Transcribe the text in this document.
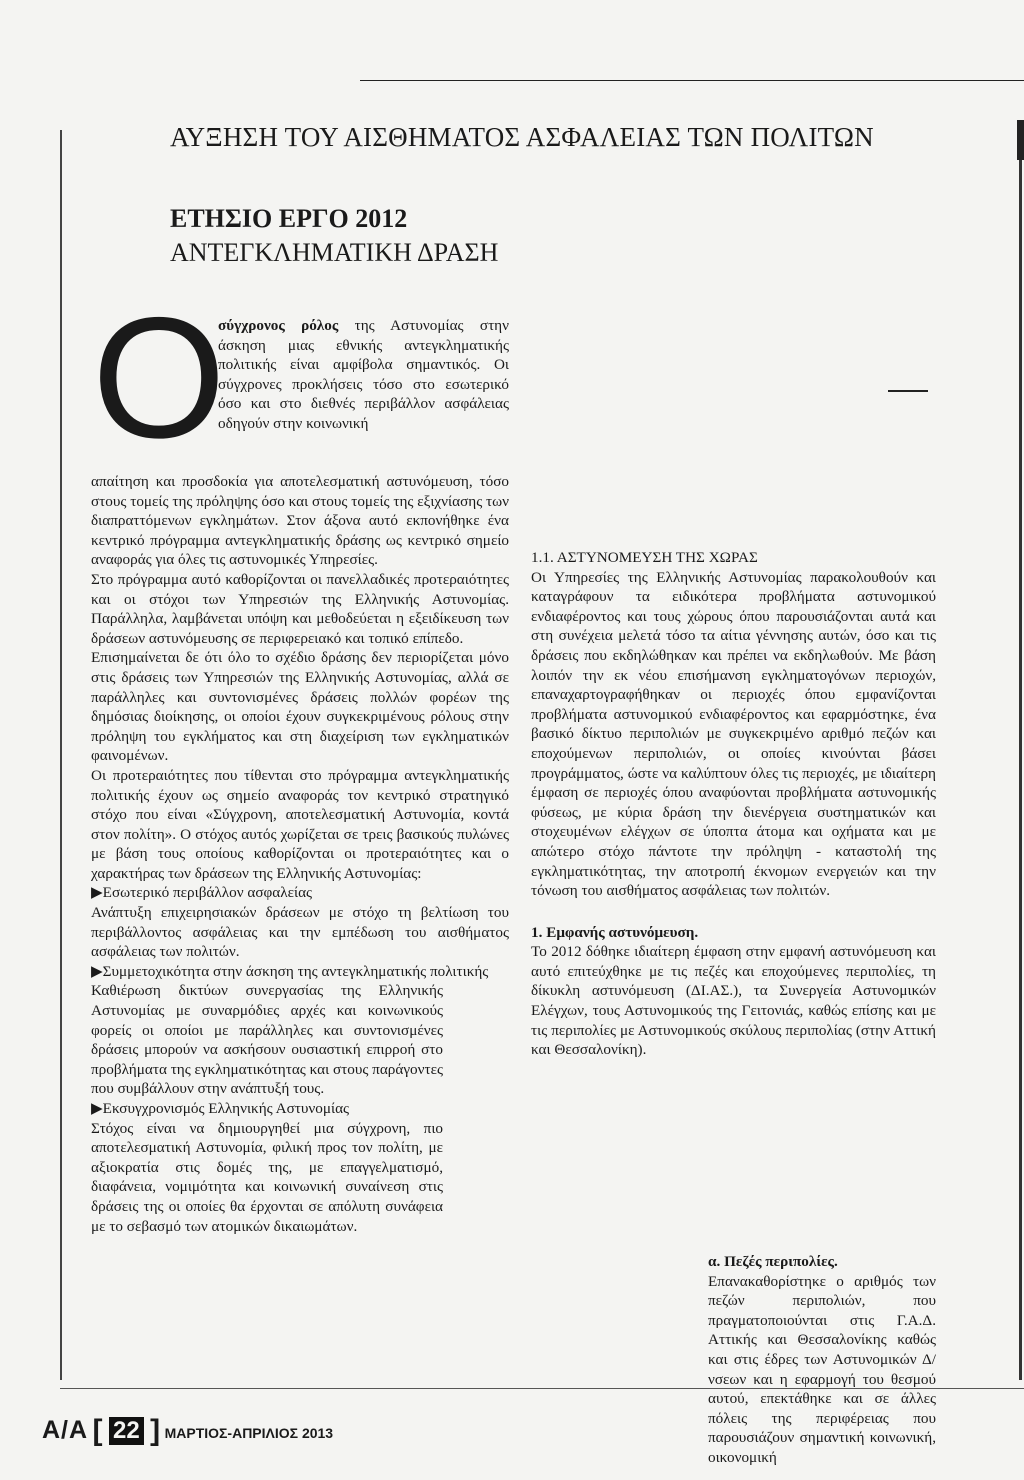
ΑΥΞΗΣΗ ΤΟΥ ΑΙΣΘΗΜΑΤΟΣ ΑΣΦΑΛΕΙΑΣ ΤΩΝ ΠΟΛΙΤΩΝ
ΕΤΗΣΙΟ ΕΡΓΟ 2012
ΑΝΤΕΓΚΛΗΜΑΤΙΚΗ ΔΡΑΣΗ
Ο

σύγχρονος ρόλος της Αστυνομίας στην άσκηση μιας εθνικής αντεγκληματικής πολιτικής είναι αμφίβολα σημαντικός. Οι σύγχρονες προκλήσεις τόσο στο εσωτερικό όσο και στο διεθνές περιβάλλον ασφάλειας οδηγούν στην κοινωνική

απαίτηση και προσδοκία για αποτελεσματική αστυνόμευση, τόσο στους τομείς της πρόληψης όσο και στους τομείς της εξιχνίασης των διαπραττόμενων εγκλημάτων. Στον άξονα αυτό εκπονήθηκε ένα κεντρικό πρόγραμμα αντεγκληματικής δράσης ως κεντρικό σημείο αναφοράς για όλες τις αστυνομικές Υπηρεσίες.

Στο πρόγραμμα αυτό καθορίζονται οι πανελλαδικές προτεραιότητες και οι στόχοι των Υπηρεσιών της Ελληνικής Αστυνομίας. Παράλληλα, λαμβάνεται υπόψη και μεθοδεύεται η εξειδίκευση των δράσεων αστυνόμευσης σε περιφερειακό και τοπικό επίπεδο.

Επισημαίνεται δε ότι όλο το σχέδιο δράσης δεν περιορίζεται μόνο στις δράσεις των Υπηρεσιών της Ελληνικής Αστυνομίας, αλλά σε παράλληλες και συντονισμένες δράσεις πολλών φορέων της δημόσιας διοίκησης, οι οποίοι έχουν συγκεκριμένους ρόλους στην πρόληψη του εγκλήματος και στη διαχείριση των εγκληματικών φαινομένων.

Οι προτεραιότητες που τίθενται στο πρόγραμμα αντεγκληματικής πολιτικής έχουν ως σημείο αναφοράς τον κεντρικό στρατηγικό στόχο που είναι «Σύγχρονη, αποτελεσματική Αστυνομία, κοντά στον πολίτη». Ο στόχος αυτός χωρίζεται σε τρεις βασικούς πυλώνες με βάση τους οποίους καθορίζονται οι προτεραιότητες και ο χαρακτήρας των δράσεων της Ελληνικής Αστυνομίας:

▶Εσωτερικό περιβάλλον ασφαλείας

Ανάπτυξη επιχειρησιακών δράσεων με στόχο τη βελτίωση του περιβάλλοντος ασφάλειας και την εμπέδωση του αισθήματος ασφάλειας των πολιτών.

▶Συμμετοχικότητα στην άσκηση της αντεγκληματικής πολιτικής

Καθιέρωση δικτύων συνεργασίας της Ελληνικής Αστυνομίας με συναρμόδιες αρχές και κοινωνικούς φορείς οι οποίοι με παράλληλες και συντονισμένες δράσεις μπορούν να ασκήσουν ουσιαστική επιρροή στο προβλήματα της εγκληματικότητας και στους παράγοντες που συμβάλλουν στην ανάπτυξή τους.

▶Εκσυγχρονισμός Ελληνικής Αστυνομίας

Στόχος είναι να δημιουργηθεί μια σύγχρονη, πιο αποτελεσματική Αστυνομία, φιλική προς τον πολίτη, με αξιοκρατία στις δομές της, με επαγγελματισμό, διαφάνεια, νομιμότητα και κοινωνική συναίνεση στις δράσεις της οι οποίες θα έρχονται σε απόλυτη συνάφεια με το σεβασμό των ατομικών δικαιωμάτων.

1.1. ΑΣΤΥΝΟΜΕΥΣΗ ΤΗΣ ΧΩΡΑΣ

Οι Υπηρεσίες της Ελληνικής Αστυνομίας παρακολουθούν και καταγράφουν τα ειδικότερα προβλήματα αστυνομικού ενδιαφέροντος και τους χώρους όπου παρουσιάζονται αυτά και στη συνέχεια μελετά τόσο τα αίτια γέννησης αυτών, όσο και τις δράσεις που εκδηλώθηκαν και πρέπει να εκδηλωθούν. Με βάση λοιπόν την εκ νέου επισήμανση εγκληματογόνων περιοχών, επαναχαρτογραφήθηκαν οι περιοχές όπου εμφανίζονται προβλήματα αστυνομικού ενδιαφέροντος και εφαρμόστηκε, ένα βασικό δίκτυο περιπολιών με συγκεκριμένο αριθμό πεζών και εποχούμενων περιπολιών, οι οποίες κινούνται βάσει προγράμματος, ώστε να καλύπτουν όλες τις περιοχές, με ιδιαίτερη έμφαση σε περιοχές όπου αναφύονται προβλήματα αστυνομικής φύσεως, με κύρια δράση την διενέργεια συστηματικών και στοχευμένων ελέγχων σε ύποπτα άτομα και οχήματα και με απώτερο στόχο πάντοτε την πρόληψη - καταστολή της εγκληματικότητας, την αποτροπή έκνομων ενεργειών και την τόνωση του αισθήματος ασφάλειας των πολιτών.

1. Εμφανής αστυνόμευση.

Το 2012 δόθηκε ιδιαίτερη έμφαση στην εμφανή αστυνόμευση και αυτό επιτεύχθηκε με τις πεζές και εποχούμενες περιπολίες, τη δίκυκλη αστυνόμευση (ΔΙ.ΑΣ.), τα Συνεργεία Αστυνομικών Ελέγχων, τους Αστυνομικούς της Γειτονιάς, καθώς επίσης και με τις περιπολίες με Αστυνομικούς σκύλους περιπολίας (στην Αττική και Θεσσαλονίκη).

α. Πεζές περιπολίες.

Επανακαθορίστηκε ο αριθμός των πεζών περιπολιών, που πραγματοποιούνται στις Γ.Α.Δ. Αττικής και Θεσσαλονίκης καθώς και στις έδρες των Αστυνομικών Δ/νσεων και η εφαρμογή του θεσμού αυτού, επεκτάθηκε και σε άλλες πόλεις της περιφέρειας που παρουσιάζουν σημαντική κοινωνική, οικονομική

Α/Α [ 22 ] ΜΑΡΤΙΟΣ-ΑΠΡΙΛΙΟΣ 2013
